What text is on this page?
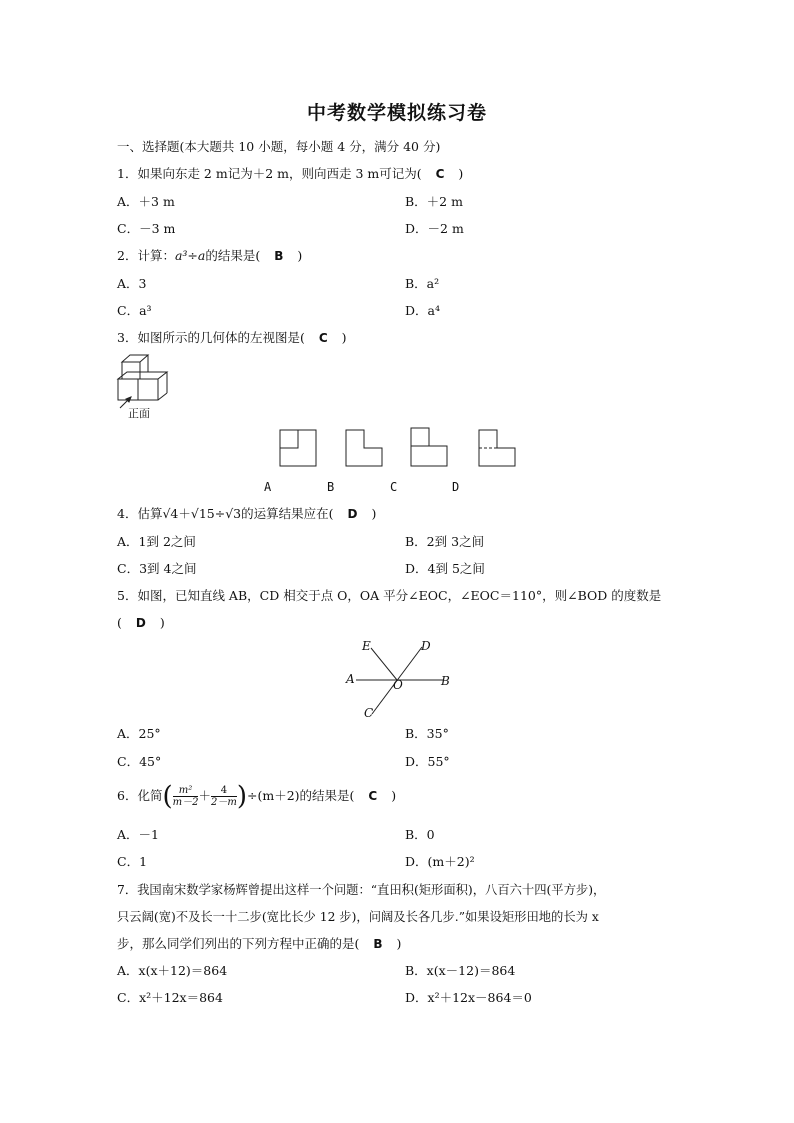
中考数学模拟练习卷
一、选择题(本大题共 10 小题，每小题 4 分，满分 40 分)
1．如果向东走 2 m记为＋2 m，则向西走 3 m可记为( C )
A．＋3 m	B．＋2 m
C．－3 m	D．－2 m
2．计算：a³÷a的结果是( B )
A．3	B．a²
C．a³	D．a⁴
3．如图所示的几何体的左视图是( C )
正面
A	B	C	D
4．估算√4＋√15÷√3的运算结果应在( D )
A．1到 2之间	B．2到 3之间
C．3到 4之间	D．4到 5之间
5．如图，已知直线 AB，CD 相交于点 O，OA 平分∠EOC，∠EOC＝110°，则∠BOD 的度数是
( D )
E	D
A	O	B
C
A．25°	B．35°
C．45°	D．55°
6．化简( $\frac{\text{m²}}{m-2} + \frac{4}{2-m} )\div(m+2)$的结果是( C )
A．－1	B．0
C．1	D．(m＋2)²
7．我国南宋数学家杨辉曾提出这样一个问题：“直田积(矩形面积)，八百六十四(平方步)，
只云阔(宽)不及长一十二步(宽比长少 12 步)，问阔及长各几步.”如果设矩形田地的长为 x
步，那么同学们列出的下列方程中正确的是( B )
A．x(x＋12)＝864	B．x(x－12)＝864
C．x²＋12x＝864	D．x²＋12x－864＝0
